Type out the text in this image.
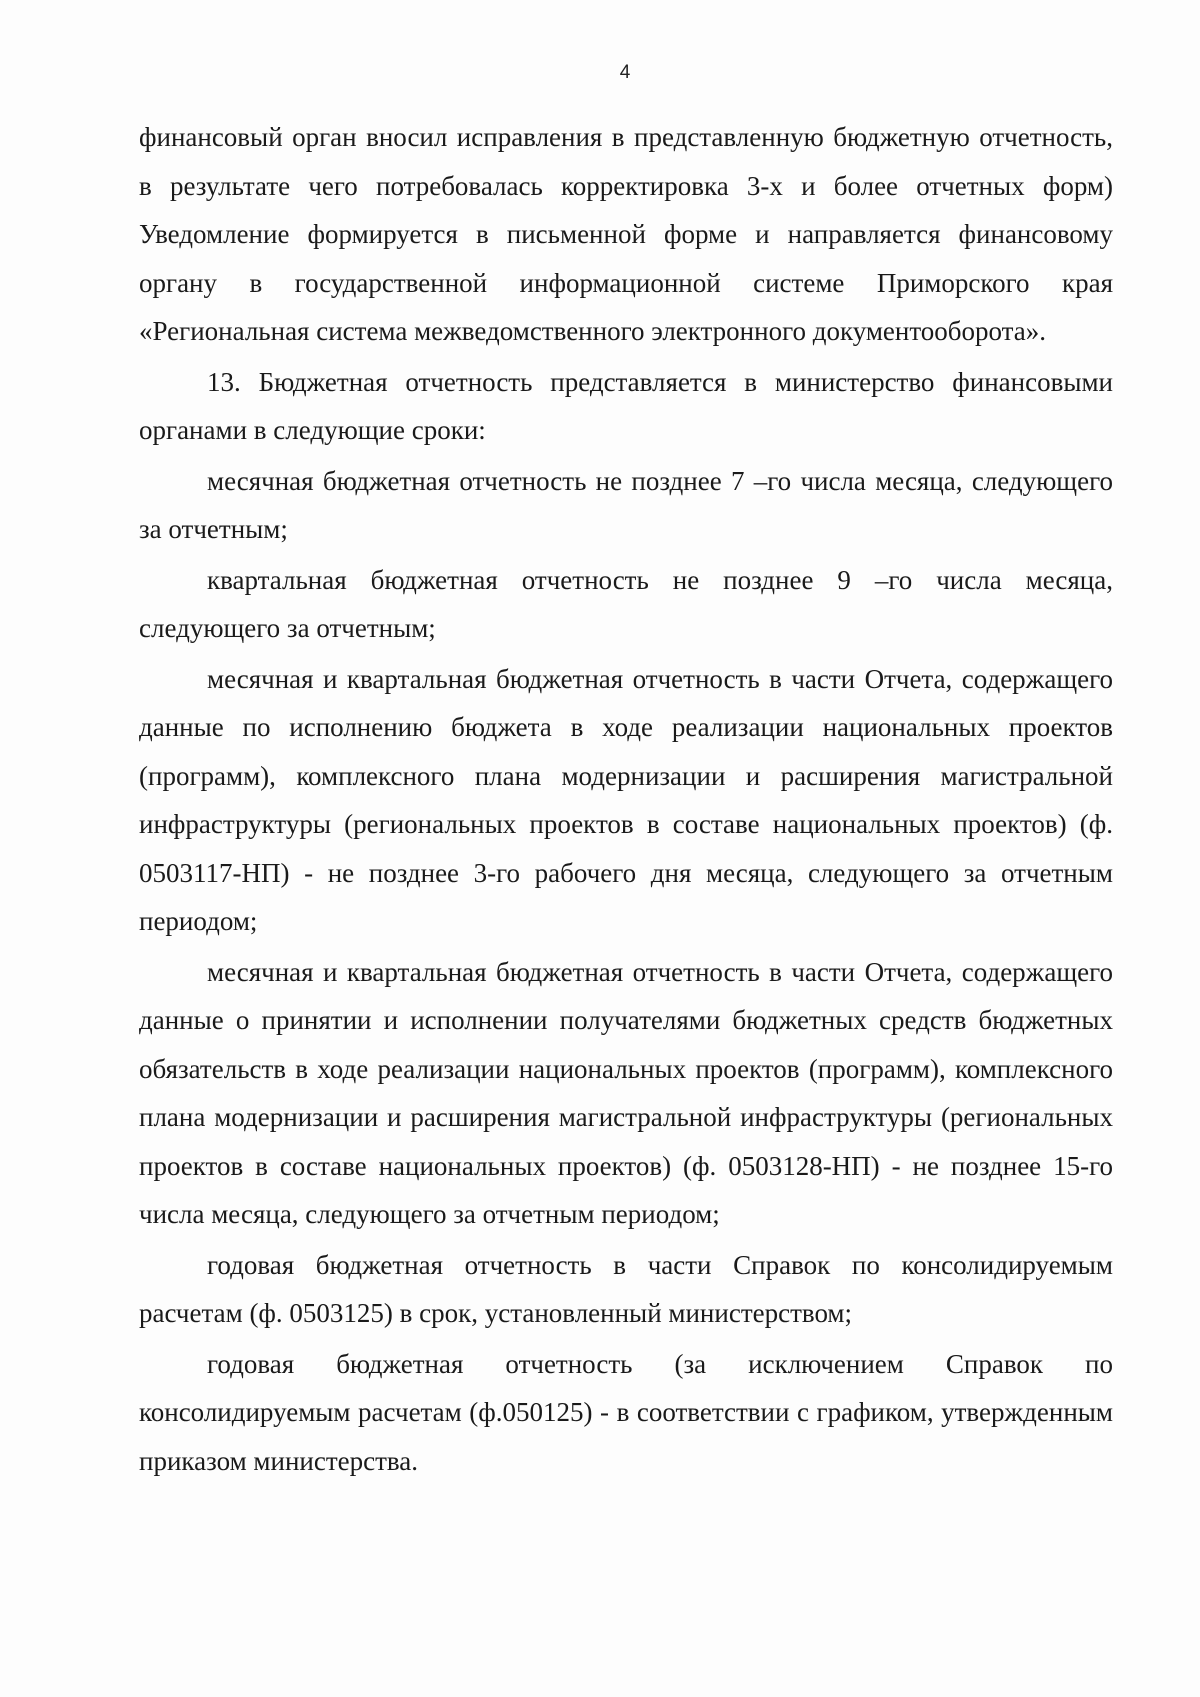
4

финансовый орган вносил исправления в представленную бюджетную отчетность, в результате чего потребовалась корректировка 3-х и более отчетных форм) Уведомление формируется в письменной форме и направляется финансовому органу в государственной информационной системе Приморского края «Региональная система межведомственного электронного документооборота».

13. Бюджетная отчетность представляется в министерство финансовыми органами в следующие сроки:

месячная бюджетная отчетность не позднее 7 –го числа месяца, следующего за отчетным;

квартальная бюджетная отчетность не позднее 9 –го числа месяца, следующего за отчетным;

месячная и квартальная бюджетная отчетность в части Отчета, содержащего данные по исполнению бюджета в ходе реализации национальных проектов (программ), комплексного плана модернизации и расширения магистральной инфраструктуры (региональных проектов в составе национальных проектов) (ф. 0503117-НП) - не позднее 3-го рабочего дня месяца, следующего за отчетным периодом;

месячная и квартальная бюджетная отчетность в части Отчета, содержащего данные о принятии и исполнении получателями бюджетных средств бюджетных обязательств в ходе реализации национальных проектов (программ), комплексного плана модернизации и расширения магистральной инфраструктуры (региональных проектов в составе национальных проектов) (ф. 0503128-НП) - не позднее 15-го числа месяца, следующего за отчетным периодом;

годовая бюджетная отчетность в части Справок по консолидируемым расчетам (ф. 0503125) в срок, установленный министерством;

годовая бюджетная отчетность (за исключением Справок по консолидируемым расчетам (ф.050125) - в соответствии с графиком, утвержденным приказом министерства.
